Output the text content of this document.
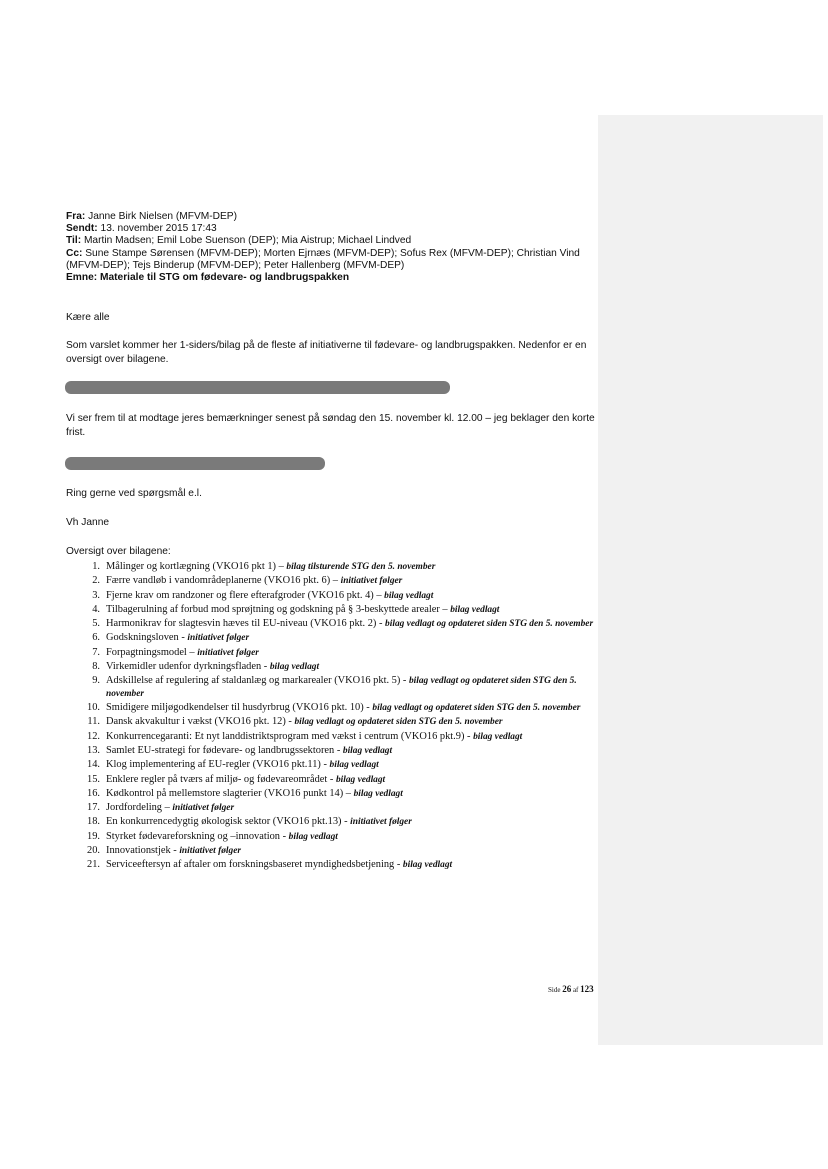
Fra: Janne Birk Nielsen (MFVM-DEP)
Sendt: 13. november 2015 17:43
Til: Martin Madsen; Emil Lobe Suenson (DEP); Mia Aistrup; Michael Lindved
Cc: Sune Stampe Sørensen (MFVM-DEP); Morten Ejrnæs (MFVM-DEP); Sofus Rex (MFVM-DEP); Christian Vind (MFVM-DEP); Tejs Binderup (MFVM-DEP); Peter Hallenberg (MFVM-DEP)
Emne: Materiale til STG om fødevare- og landbrugspakken
Kære alle
Som varslet kommer her 1-siders/bilag på de fleste af initiativerne til fødevare- og landbrugspakken. Nedenfor er en oversigt over bilagene.
Vi ser frem til at modtage jeres bemærkninger senest på søndag den 15. november kl. 12.00 – jeg beklager den korte frist.
Ring gerne ved spørgsmål e.l.
Vh Janne
Oversigt over bilagene:
1. Målinger og kortlægning (VKO16 pkt 1) – bilag tilsturende STG den 5. november
2. Færre vandløb i vandområdeplanerne (VKO16 pkt. 6) – initiativet følger
3. Fjerne krav om randzoner og flere efterafgroder (VKO16 pkt. 4) – bilag vedlagt
4. Tilbagerulning af forbud mod sprøjtning og godskning på § 3-beskyttede arealer – bilag vedlagt
5. Harmonikrav for slagtesvin hæves til EU-niveau (VKO16 pkt. 2) - bilag vedlagt og opdateret siden STG den 5. november
6. Godskningsloven - initiativet følger
7. Forpagtningsmodel – initiativet følger
8. Virkemidler udenfor dyrkningsfladen - bilag vedlagt
9. Adskillelse af regulering af staldanlæg og markarealer (VKO16 pkt. 5) - bilag vedlagt og opdateret siden STG den 5. november
10. Smidigere miljøgodkendelser til husdyrbrug (VKO16 pkt. 10) - bilag vedlagt og opdateret siden STG den 5. november
11. Dansk akvakultur i vækst (VKO16 pkt. 12) - bilag vedlagt og opdateret siden STG den 5. november
12. Konkurrencegaranti: Et nyt landdistriktsprogram med vækst i centrum (VKO16 pkt.9) - bilag vedlagt
13. Samlet EU-strategi for fødevare- og landbrugssektoren - bilag vedlagt
14. Klog implementering af EU-regler (VKO16 pkt.11) - bilag vedlagt
15. Enklere regler på tværs af miljø- og fødevareområdet - bilag vedlagt
16. Kødkontrol på mellemstore slagterier (VKO16 punkt 14) – bilag vedlagt
17. Jordfordeling – initiativet følger
18. En konkurrencedygtig økologisk sektor (VKO16 pkt.13) - initiativet følger
19. Styrket fødevareforskning og –innovation - bilag vedlagt
20. Innovationstjek - initiativet følger
21. Serviceeftersyn af aftaler om forskningsbaseret myndighedsbetjening - bilag vedlagt
Side 26 af 123
